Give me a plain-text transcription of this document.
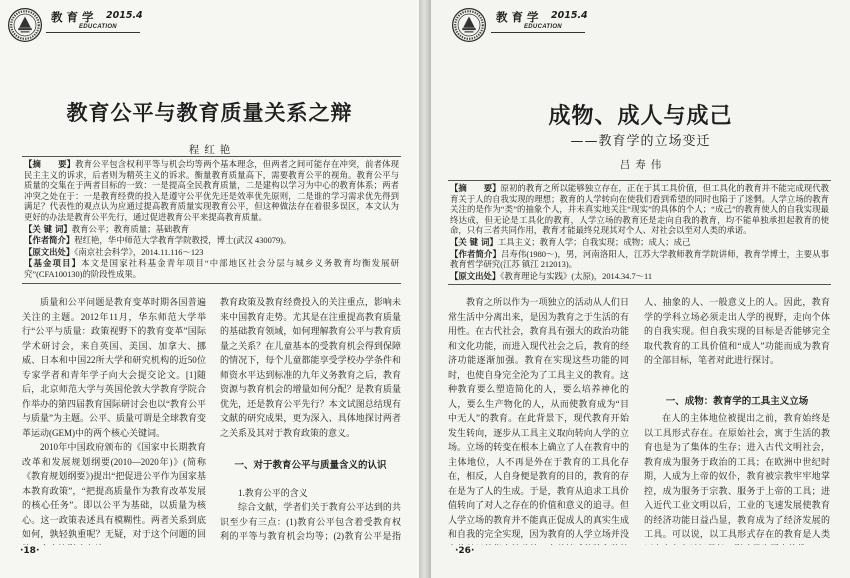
教育学 2015.4
EDUCATION
教育公平与教育质量关系之辩
程红艳

【摘　　要】教育公平包含权利平等与机会均等两个基本理念，但两者之间可能存在冲突，前者体现民主主义的诉求，后者则为精英主义的诉求。衡量教育质量高下，需要教育公平的视角。教育公平与质量的交集在于两者目标的一致：一是提高全民教育质量，二是建构以学习为中心的教育体系；两者冲突之处在于：一是教育经费的投入是遵守公平优先还是效率优先原则，二是谁的学习需求优先得到满足？代表性的观点认为应通过提高教育质量实现教育公平，但这种做法存在着很多误区，本文认为更好的办法是教育公平先行，通过促进教育公平来提高教育质量。

【关 键 词】教育公平；教育质量；基础教育

【作者简介】程红艳，华中师范大学教育学院教授，博士(武汉 430079)。

【原文出处】《南京社会科学》，2014.11.116～123

【基金项目】本文是国家社科基金青年项目“中部地区社会分层与城乡义务教育均衡发展研究”(CFA100130)的阶段性成果。

质量和公平问题是教育变革时期各国普遍关注的主题。2012年11月，华东师范大学举行“公平与质量：政策视野下的教育变革”国际学术研讨会，来自英国、美国、加拿大、挪威、日本和中国22所大学和研究机构的近50位专家学者和青年学子向大会提交论文。[1]随后，北京师范大学与英国伦敦大学教育学院合作举办的第四届教育国际研讨会也以“教育公平与质量”为主题。公平、质量可谓是全球教育变革运动(GEM)中的两个核心关键词。

2010年中国政府颁布的《国家中长期教育改革和发展规划纲要(2010—2020年)》(简称《教育规划纲要》)提出“把促进公平作为国家基本教育政策”，“把提高质量作为教育改革发展的核心任务”。即以公平为基础，以质量为核心。这一政策表述具有模糊性。两者关系到底如何，孰轻孰重呢？无疑，对于这个问题的回

教育政策及教育经费投入的关注重点，影响未来中国教育走势。尤其是在注重提高教育质量的基础教育领域，如何理解教育公平与教育质量之关系？在儿童基本的受教育机会得到保障的情况下，每个儿童都能享受学校办学条件和师资水平达到标准的九年义务教育之后，教育资源与教育机会的增量如何分配？是教育质量优先，还是教育公平先行？本文试图总结现有文献的研究成果，更为深入、具体地探讨两者之关系及其对于教育政策的意义。

一、对于教育公平与质量含义的认识
1.教育公平的含义

综合文献，学者们关于教育公平达到的共识至少有三点：(1)教育公平包含着受教育权利的平等与教育机会均等；(2)教育公平是指

·18·
教育学 2015.4
EDUCATION
成物、成人与成己
——教育学的立场变迁
吕寿伟

【摘　　要】原初的教育之所以能够独立存在，正在于其工具价值，但工具化的教育并不能完成现代教育关于人的自我实现的理想；教育的人学转向在使我们看到希望的同时也陷于了迷惘。人学立场的教育关注的是作为“类”的抽象个人，并未真实地关注“现实”的具体的个人；“成己”的教育使人的自我实现最终达成，但无论是工具化的教育，人学立场的教育还是走向自我的教育，均不能单独承担起教育的使命，只有三者共同作用，教育才能最终兑现其对个人、对社会以至对人类的承诺。

【关 键 词】工具主义；教育人学；自我实现；成物；成人；成己

【作者简介】吕寿伟(1980～)，男，河南洛阳人，江苏大学教师教育学院讲师，教育学博士，主要从事教育哲学研究(江苏 镇江 212013)。

【原文出处】《教育理论与实践》(太原)，2014.34.7～11

教育之所以作为一项独立的活动从人们日常生活中分离出来，是因为教育之于生活的有用性。在古代社会，教育具有强大的政治功能和文化功能，而进入现代社会之后，教育的经济功能逐渐加强。教育在实现这些功能的同时，也使自身完全沦为了工具主义的教育。这种教育要么塑造简化的人，要么培养神化的人，要么生产物化的人，从而使教育成为“目中无人”的教育。在此背景下，现代教育开始发生转向，逐步从工具主义取向转向人学的立场。立场的转变在根本上确立了人在教育中的主体地位，人不再是外在于教育的工具化存在，相反，人自身便是教育的目的，教育的存在是为了人的生成。于是，教育从追求工具价值转向了对人之存在的价值和意义的追寻。但人学立场的教育并不能真正促成人的真实生成和自我的完全实现，因为教育的人学立场并没

人、抽象的人、一般意义上的人。因此，教育学的学科立场必须走出人学的视野，走向个体的自我实现。但自我实现的目标是否能够完全取代教育的工具价值和“成人”功能而成为教育的全部目标，笔者对此进行探讨。

一、成物：教育学的工具主义立场

在人的主体地位被提出之前，教育始终是以工具形式存在。在原始社会，寓于生活的教育也是为了集体的生存；进入古代文明社会，教育成为服务于政治的工具；在欧洲中世纪时期，人成为上帝的奴仆，教育被宗教牢牢地掌控，成为服务于宗教、服务于上帝的工具；进入近代工业文明以后，工业的飞速发展使教育的经济功能日益凸显，教育成为了经济发展的工具。可以说，以工具形式存在的教育是人类

·26·
